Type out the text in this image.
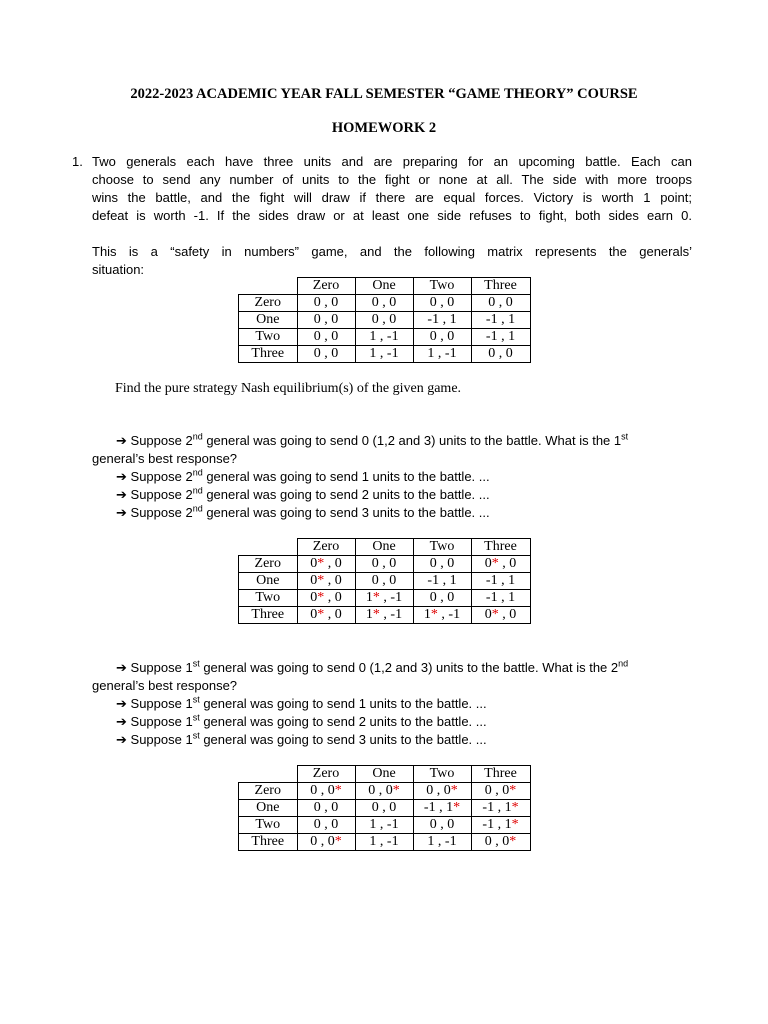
2022-2023 ACADEMIC YEAR FALL SEMESTER “GAME THEORY” COURSE
HOMEWORK 2
1. Two generals each have three units and are preparing for an upcoming battle. Each can
choose to send any number of units to the fight or none at all. The side with more troops
wins the battle, and the fight will draw if there are equal forces. Victory is worth 1 point;
defeat is worth -1. If the sides draw or at least one side refuses to fight, both sides earn 0.
This is a “safety in numbers” game, and the following matrix represents the generals’
situation:
	Zero	One	Two	Three
Zero	0 , 0	0 , 0	0 , 0	0 , 0
One	0 , 0	0 , 0	-1 , 1	-1 , 1
Two	0 , 0	1 , -1	0 , 0	-1 , 1
Three	0 , 0	1 , -1	1 , -1	0 , 0
Find the pure strategy Nash equilibrium(s) of the given game.
➔ Suppose 2nd general was going to send 0 (1,2 and 3) units to the battle. What is the 1st
general’s best response?
➔ Suppose 2nd general was going to send 1 units to the battle. ...
➔ Suppose 2nd general was going to send 2 units to the battle. ...
➔ Suppose 2nd general was going to send 3 units to the battle. ...
	Zero	One	Two	Three
Zero	0* , 0	0 , 0	0 , 0	0* , 0
One	0* , 0	0 , 0	-1 , 1	-1 , 1
Two	0* , 0	1* , -1	0 , 0	-1 , 1
Three	0* , 0	1* , -1	1* , -1	0* , 0
➔ Suppose 1st general was going to send 0 (1,2 and 3) units to the battle. What is the 2nd
general’s best response?
➔ Suppose 1st general was going to send 1 units to the battle. ...
➔ Suppose 1st general was going to send 2 units to the battle. ...
➔ Suppose 1st general was going to send 3 units to the battle. ...
	Zero	One	Two	Three
Zero	0 , 0*	0 , 0*	0 , 0*	0 , 0*
One	0 , 0	0 , 0	-1 , 1*	-1 , 1*
Two	0 , 0	1 , -1	0 , 0	-1 , 1*
Three	0 , 0*	1 , -1	1 , -1	0 , 0*
